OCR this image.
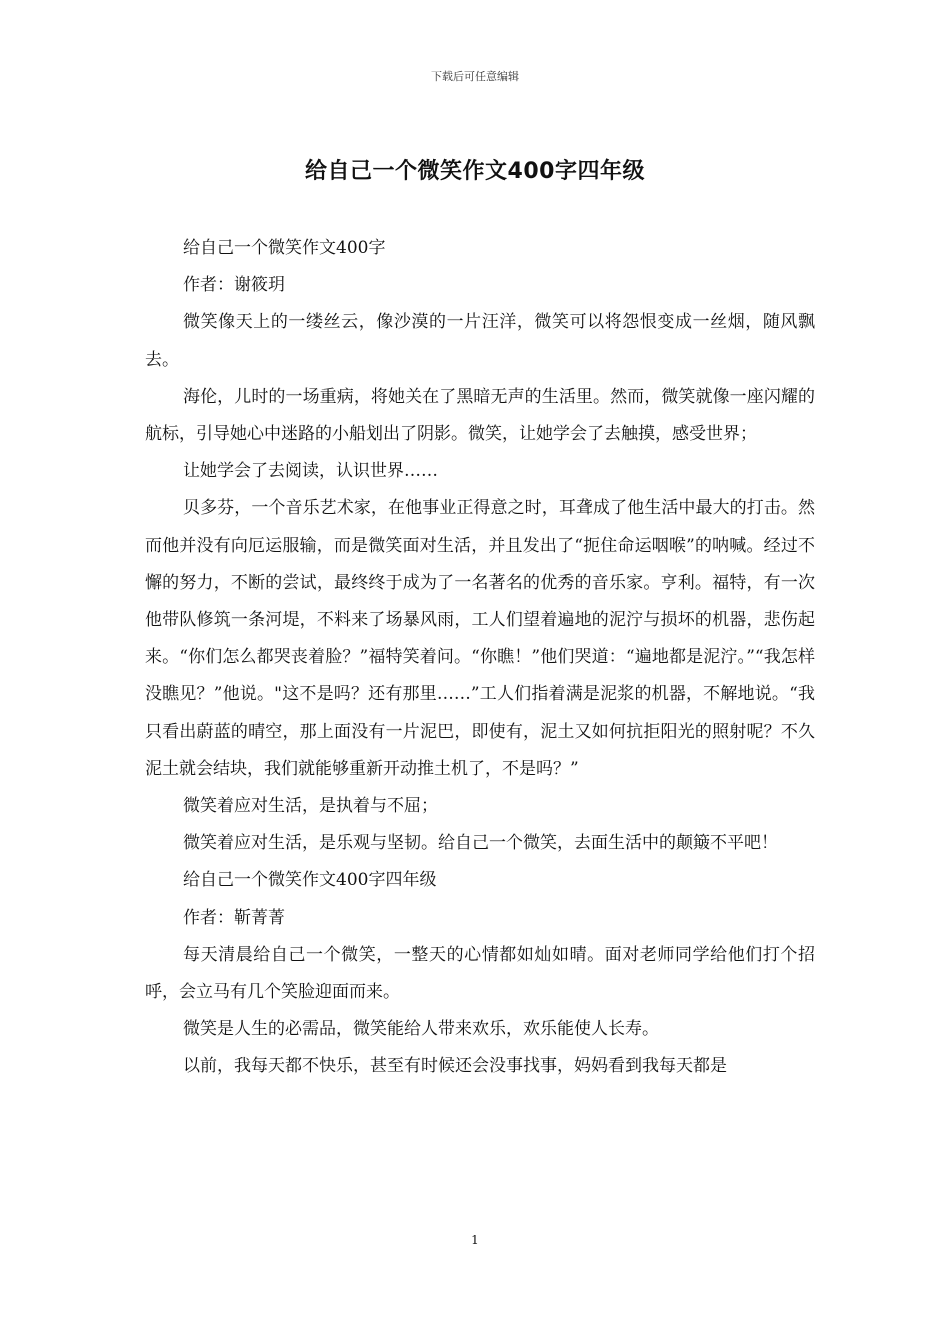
下载后可任意编辑
给自己一个微笑作文400字四年级

给自己一个微笑作文400字

作者：谢筱玥

微笑像天上的一缕丝云，像沙漠的一片汪洋，微笑可以将怨恨变成一丝烟，随风飘去。

海伦，儿时的一场重病，将她关在了黑暗无声的生活里。然而，微笑就像一座闪耀的航标，引导她心中迷路的小船划出了阴影。微笑，让她学会了去触摸，感受世界；

让她学会了去阅读，认识世界……

贝多芬，一个音乐艺术家，在他事业正得意之时，耳聋成了他生活中最大的打击。然而他并没有向厄运服输，而是微笑面对生活，并且发出了“扼住命运咽喉”的呐喊。经过不懈的努力，不断的尝试，最终终于成为了一名著名的优秀的音乐家。亨利。福特，有一次他带队修筑一条河堤，不料来了场暴风雨，工人们望着遍地的泥泞与损坏的机器，悲伤起来。“你们怎么都哭丧着脸？”福特笑着问。“你瞧！”他们哭道：“遍地都是泥泞。”“我怎样没瞧见？”他说。"这不是吗？还有那里……”工人们指着满是泥浆的机器，不解地说。“我只看出蔚蓝的晴空，那上面没有一片泥巴，即使有，泥土又如何抗拒阳光的照射呢？不久泥土就会结块，我们就能够重新开动推土机了，不是吗？”

微笑着应对生活，是执着与不屈；

微笑着应对生活，是乐观与坚韧。给自己一个微笑，去面生活中的颠簸不平吧！

给自己一个微笑作文400字四年级

作者：靳菁菁

每天清晨给自己一个微笑，一整天的心情都如灿如晴。面对老师同学给他们打个招呼，会立马有几个笑脸迎面而来。

微笑是人生的必需品，微笑能给人带来欢乐，欢乐能使人长寿。

以前，我每天都不快乐，甚至有时候还会没事找事，妈妈看到我每天都是

1
